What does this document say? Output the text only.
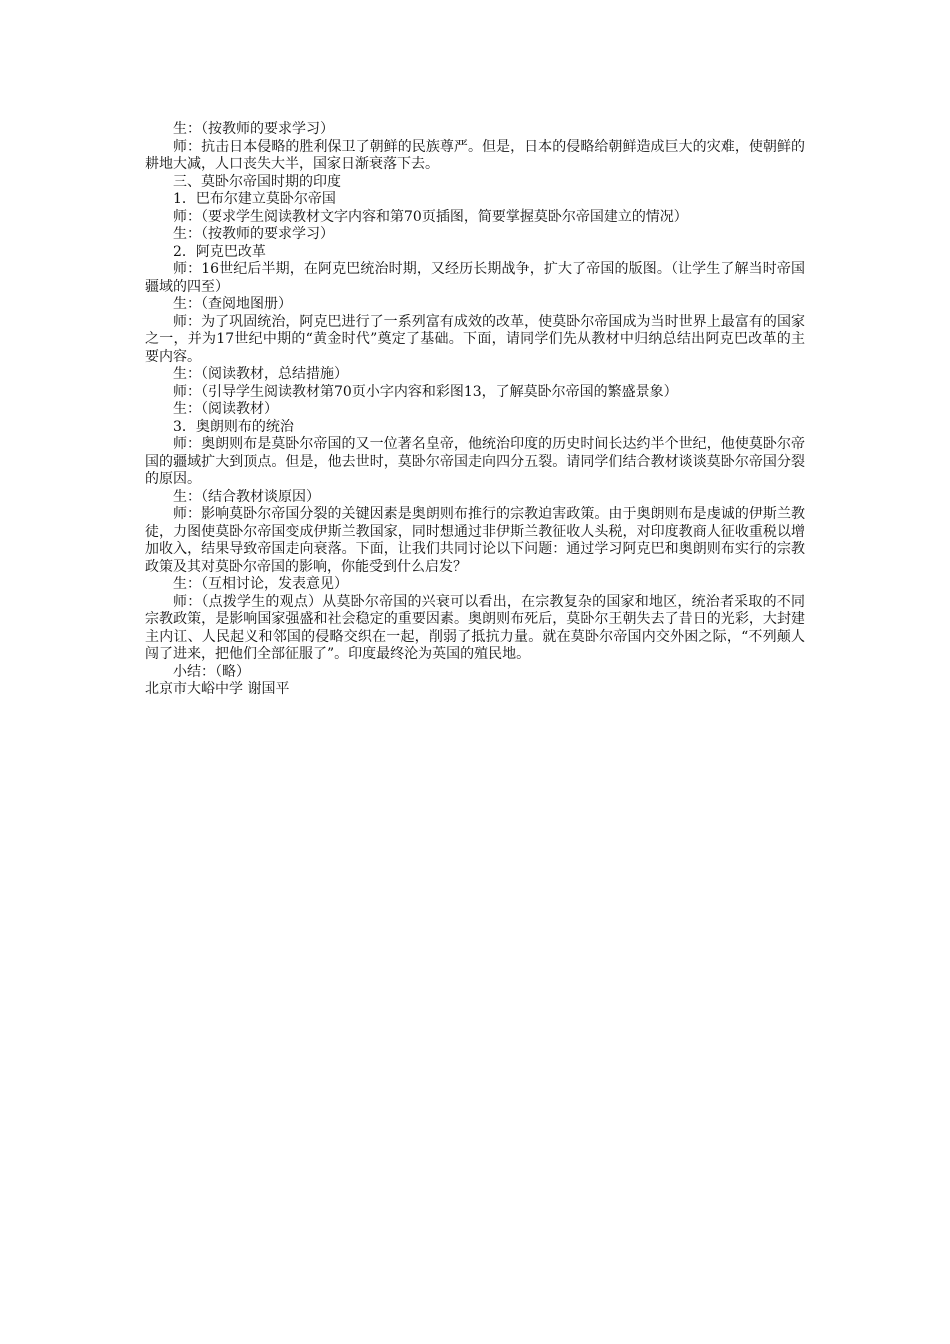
生：（按教师的要求学习）

师：抗击日本侵略的胜利保卫了朝鲜的民族尊严。但是，日本的侵略给朝鲜造成巨大的灾难，使朝鲜的耕地大减，人口丧失大半，国家日渐衰落下去。

三、莫卧尔帝国时期的印度

1．巴布尔建立莫卧尔帝国

师：（要求学生阅读教材文字内容和第70页插图，简要掌握莫卧尔帝国建立的情况）

生：（按教师的要求学习）

2．阿克巴改革

师：16世纪后半期，在阿克巴统治时期，又经历长期战争，扩大了帝国的版图。（让学生了解当时帝国疆域的四至）

生：（查阅地图册）

师：为了巩固统治，阿克巴进行了一系列富有成效的改革，使莫卧尔帝国成为当时世界上最富有的国家之一，并为17世纪中期的“黄金时代”奠定了基础。下面，请同学们先从教材中归纳总结出阿克巴改革的主要内容。

生：（阅读教材，总结措施）

师：（引导学生阅读教材第70页小字内容和彩图13，了解莫卧尔帝国的繁盛景象）

生：（阅读教材）

3．奥朗则布的统治

师：奥朗则布是莫卧尔帝国的又一位著名皇帝，他统治印度的历史时间长达约半个世纪，他使莫卧尔帝国的疆域扩大到顶点。但是，他去世时，莫卧尔帝国走向四分五裂。请同学们结合教材谈谈莫卧尔帝国分裂的原因。

生：（结合教材谈原因）

师：影响莫卧尔帝国分裂的关键因素是奥朗则布推行的宗教迫害政策。由于奥朗则布是虔诚的伊斯兰教徒，力图使莫卧尔帝国变成伊斯兰教国家，同时想通过非伊斯兰教征收人头税，对印度教商人征收重税以增加收入，结果导致帝国走向衰落。下面，让我们共同讨论以下问题：通过学习阿克巴和奥朗则布实行的宗教政策及其对莫卧尔帝国的影响，你能受到什么启发？

生：（互相讨论，发表意见）

师：（点拨学生的观点）从莫卧尔帝国的兴衰可以看出，在宗教复杂的国家和地区，统治者采取的不同宗教政策，是影响国家强盛和社会稳定的重要因素。奥朗则布死后，莫卧尔王朝失去了昔日的光彩，大封建主内讧、人民起义和邻国的侵略交织在一起，削弱了抵抗力量。就在莫卧尔帝国内交外困之际，“不列颠人闯了进来，把他们全部征服了”。印度最终沦为英国的殖民地。

小结：（略）

北京市大峪中学 谢国平
